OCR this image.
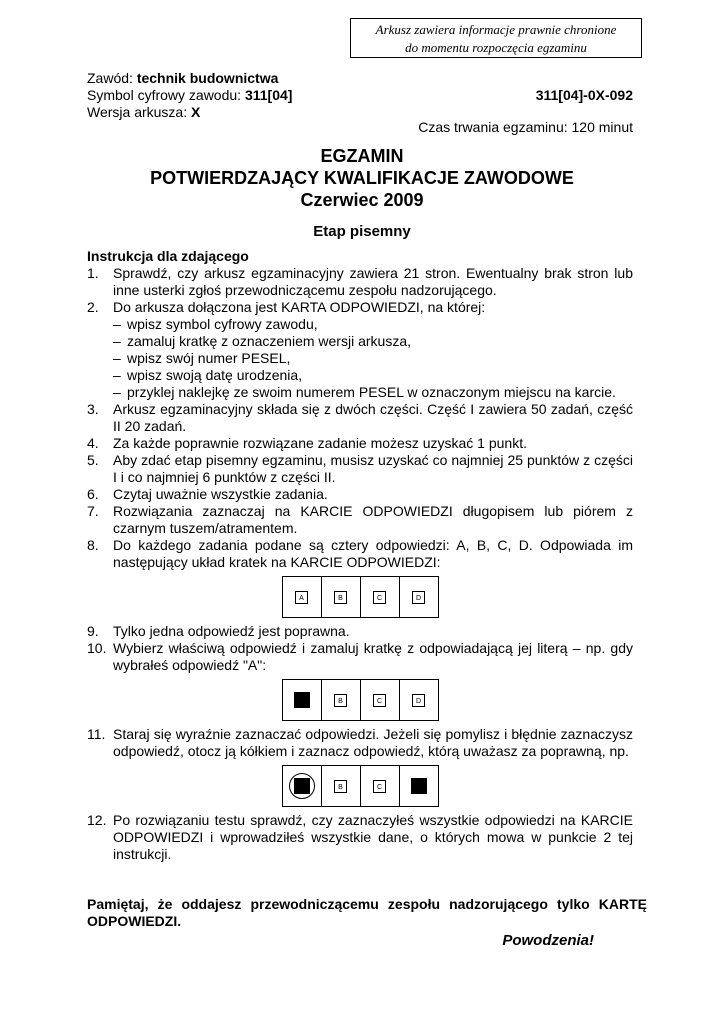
Arkusz zawiera informacje prawnie chronione
do momentu rozpoczęcia egzaminu
Zawód: technik budownictwa
Symbol cyfrowy zawodu: 311[04]
Wersja arkusza: X
311[04]-0X-092
Czas trwania egzaminu: 120 minut
EGZAMIN
POTWIERDZAJĄCY KWALIFIKACJE ZAWODOWE
Czerwiec 2009
Etap pisemny
Instrukcja dla zdającego
1. Sprawdź, czy arkusz egzaminacyjny zawiera 21 stron. Ewentualny brak stron lub inne usterki zgłoś przewodniczącemu zespołu nadzorującego.
2. Do arkusza dołączona jest KARTA ODPOWIEDZI, na której:
– wpisz symbol cyfrowy zawodu,
– zamaluj kratkę z oznaczeniem wersji arkusza,
– wpisz swój numer PESEL,
– wpisz swoją datę urodzenia,
– przyklej naklejkę ze swoim numerem PESEL w oznaczonym miejscu na karcie.
3. Arkusz egzaminacyjny składa się z dwóch części. Część I zawiera 50 zadań, część II 20 zadań.
4. Za każde poprawnie rozwiązane zadanie możesz uzyskać 1 punkt.
5. Aby zdać etap pisemny egzaminu, musisz uzyskać co najmniej 25 punktów z części I i co najmniej 6 punktów z części II.
6. Czytaj uważnie wszystkie zadania.
7. Rozwiązania zaznaczaj na KARCIE ODPOWIEDZI długopisem lub piórem z czarnym tuszem/atramentem.
8. Do każdego zadania podane są cztery odpowiedzi: A, B, C, D. Odpowiada im następujący układ kratek na KARCIE ODPOWIEDZI:
A	B	C	D
9. Tylko jedna odpowiedź jest poprawna.
10. Wybierz właściwą odpowiedź i zamaluj kratkę z odpowiadającą jej literą – np. gdy wybrałeś odpowiedź "A":
A	B	C	D
11. Staraj się wyraźnie zaznaczać odpowiedzi. Jeżeli się pomylisz i błędnie zaznaczysz odpowiedź, otocz ją kółkiem i zaznacz odpowiedź, którą uważasz za poprawną, np.
A	B	C	D
12. Po rozwiązaniu testu sprawdź, czy zaznaczyłeś wszystkie odpowiedzi na KARCIE ODPOWIEDZI i wprowadziłeś wszystkie dane, o których mowa w punkcie 2 tej instrukcji.
Pamiętaj, że oddajesz przewodniczącemu zespołu nadzorującego tylko KARTĘ ODPOWIEDZI.
Powodzenia!
